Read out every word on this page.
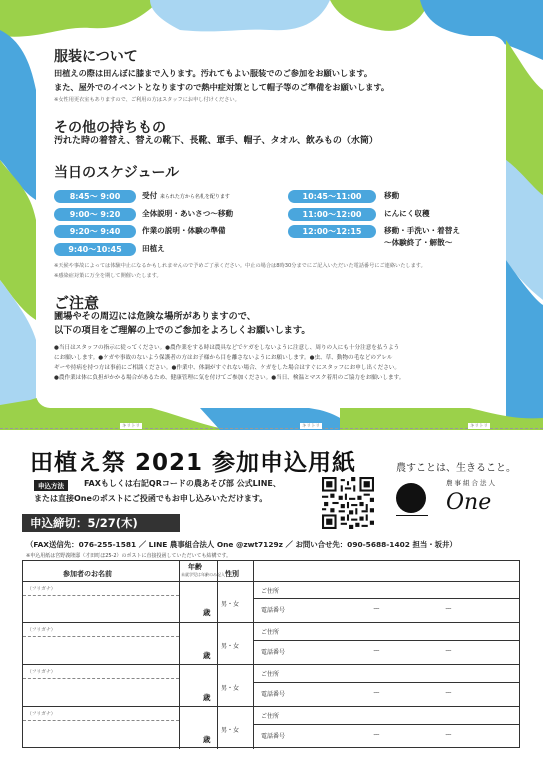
服装について
田植えの際は田んぼに膝まで入ります。汚れてもよい服装でのご参加をお願いします。
また、屋外でのイベントとなりますので熱中症対策として帽子等のご準備をお願いします。
※女性用更衣室もありますので、ご利用の方はスタッフにお申し付けください。
その他の持ちもの
汚れた時の着替え、替えの靴下、長靴、軍手、帽子、タオル、飲みもの（水筒）
当日のスケジュール
8:45〜 9:00	受付 来られた方から名札を配ります
9:00〜 9:20	全体説明・あいさつ〜移動
9:20〜 9:40	作業の説明・体験の準備
9:40〜10:45	田植え
10:45〜11:00	移動
11:00〜12:00	にんにく収穫
12:00〜12:15	移動・手洗い・着替え
〜体験終了・解散〜
※天候や事故によっては体験中止になるかもしれませんので予めご了承ください。中止の場合は8時30分までにご記入いただいた電話番号にご連絡いたします。
※感染症対策に万全を期して開催いたします。
ご注意
圃場やその周辺には危険な場所がありますので、
以下の項目をご理解の上でのご参加をよろしくお願いします。
●当日はスタッフの指示に従ってください。●農作業をする時は農具などでケガをしないように注意し、周りの人にも十分注意を払うよう
にお願いします。●ケガや事故のないよう保護者の方はお子様から目を離さないようにお願いします。●虫、草、動物の毛などのアレル
ギーや持病を持つ方は事前にご相談ください。●作業中、体調がすぐれない場合、ケガをした場合はすぐにスタッフにお申し出ください。
●農作業は体に負担がかかる場合があるため、健康管理に気を付けてご参加ください。●当日、検温とマスク着用のご協力をお願いします。
キリトリ	キリトリ	キリトリ
田植え祭 2021 参加申込用紙	農すことは、生きること。
申込方法	FAXもしくは右記QRコードの農あそび部 公式LINE、
または直接Oneのポストにご投函でもお申し込みいただけます。
申込締切：5/27(木)
農事組合法人
One
（FAX送信先：076-255-1581 ／ LINE 農事組合法人 One @zwt7129z ／ お問い合せ先：090-5688-1402 担当・坂井）
※申込用紙は宮野義隆邸（才田町ほ25-2）のポストに直接投函していただいても結構です。
参加者のお名前
年齢
未就学児は年齢のみ記入 性別
（フリガナ）
歳
男・女
ご住所
電話番号	ー	ー
（フリガナ）
歳
男・女
ご住所
電話番号	ー	ー
（フリガナ）
歳
男・女
ご住所
電話番号	ー	ー
（フリガナ）
歳
男・女
ご住所
電話番号	ー	ー
